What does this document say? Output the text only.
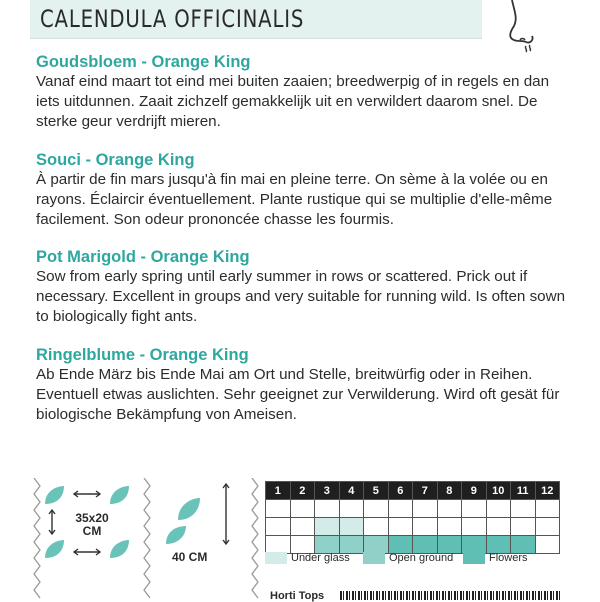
CALENDULA OFFICINALIS

Goudsbloem - Orange King

Vanaf eind maart tot eind mei buiten zaaien; breedwerpig of in regels en dan iets uitdunnen. Zaait zichzelf gemakkelijk uit en verwildert daarom snel. De sterke geur verdrijft mieren.

Souci - Orange King

À partir de fin mars jusqu'à fin mai en pleine terre. On sème à la volée ou en rayons. Éclaircir éventuellement. Plante rustique qui se multiplie d'elle-même facilement. Son odeur prononcée chasse les fourmis.

Pot Marigold - Orange King

Sow from early spring until early summer in rows or scattered. Prick out if necessary. Excellent in groups and very suitable for running wild. Is often sown to biologically fight ants.

Ringelblume - Orange King

Ab Ende März bis Ende Mai am Ort und Stelle, breitwürfig oder in Reihen. Eventuell etwas auslichten. Sehr geeignet zur Verwilderung. Wird oft gesät für biologische Bekämpfung von Ameisen.

35x20
CM
40 CM
1	2	3	4	5	6	7	8	9	10	11	12

Under glass	Open ground	Flowers
Horti Tops
